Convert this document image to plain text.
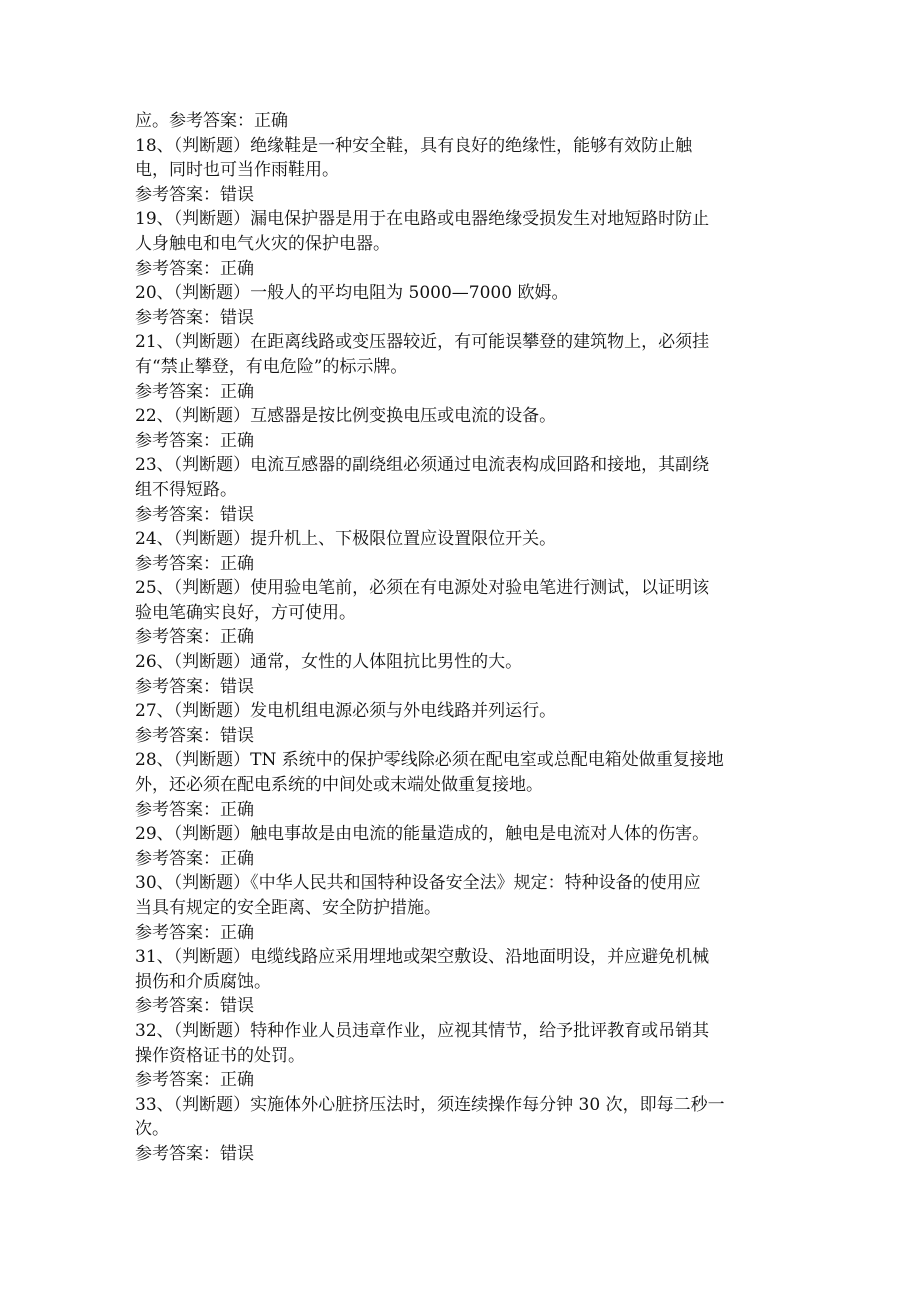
应。参考答案：正确
18、（判断题）绝缘鞋是一种安全鞋，具有良好的绝缘性，能够有效防止触
电，同时也可当作雨鞋用。
参考答案：错误
19、（判断题）漏电保护器是用于在电路或电器绝缘受损发生对地短路时防止
人身触电和电气火灾的保护电器。
参考答案：正确
20、（判断题）一般人的平均电阻为 5000—7000 欧姆。
参考答案：错误
21、（判断题）在距离线路或变压器较近，有可能误攀登的建筑物上，必须挂
有“禁止攀登，有电危险”的标示牌。
参考答案：正确
22、（判断题）互感器是按比例变换电压或电流的设备。
参考答案：正确
23、（判断题）电流互感器的副绕组必须通过电流表构成回路和接地，其副绕
组不得短路。
参考答案：错误
24、（判断题）提升机上、下极限位置应设置限位开关。
参考答案：正确
25、（判断题）使用验电笔前，必须在有电源处对验电笔进行测试，以证明该
验电笔确实良好，方可使用。
参考答案：正确
26、（判断题）通常，女性的人体阻抗比男性的大。
参考答案：错误
27、（判断题）发电机组电源必须与外电线路并列运行。
参考答案：错误
28、（判断题）TN 系统中的保护零线除必须在配电室或总配电箱处做重复接地
外，还必须在配电系统的中间处或末端处做重复接地。
参考答案：正确
29、（判断题）触电事故是由电流的能量造成的，触电是电流对人体的伤害。
参考答案：正确
30、（判断题）《中华人民共和国特种设备安全法》规定：特种设备的使用应
当具有规定的安全距离、安全防护措施。
参考答案：正确
31、（判断题）电缆线路应采用埋地或架空敷设、沿地面明设，并应避免机械
损伤和介质腐蚀。
参考答案：错误
32、（判断题）特种作业人员违章作业，应视其情节，给予批评教育或吊销其
操作资格证书的处罚。
参考答案：正确
33、（判断题）实施体外心脏挤压法时，须连续操作每分钟 30 次，即每二秒一
次。
参考答案：错误
